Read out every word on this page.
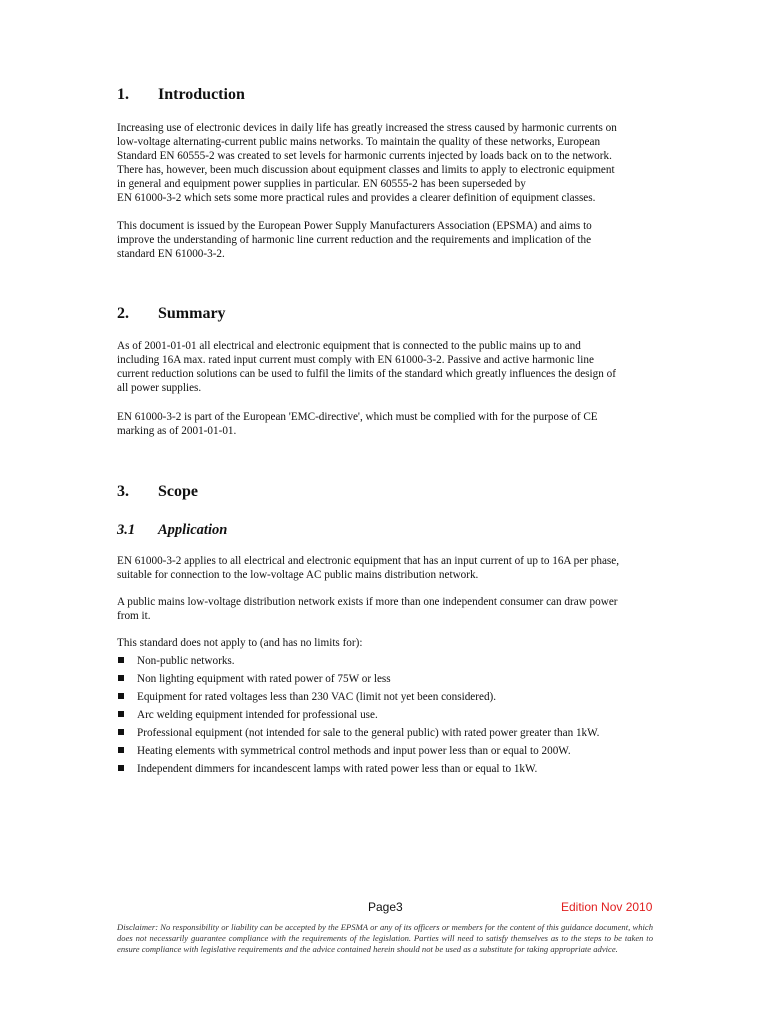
1. Introduction
Increasing use of electronic devices in daily life has greatly increased the stress caused by harmonic currents on
low-voltage alternating-current public mains networks. To maintain the quality of these networks, European
Standard EN 60555-2 was created to set levels for harmonic currents injected by loads back on to the network.
There has, however, been much discussion about equipment classes and limits to apply to electronic equipment
in general and equipment power supplies in particular. EN 60555-2 has been superseded by
EN 61000-3-2 which sets some more practical rules and provides a clearer definition of equipment classes.
This document is issued by the European Power Supply Manufacturers Association (EPSMA) and aims to
improve the understanding of harmonic line current reduction and the requirements and implication of the
standard EN 61000-3-2.
2. Summary
As of 2001-01-01 all electrical and electronic equipment that is connected to the public mains up to and
including 16A max. rated input current must comply with EN 61000-3-2. Passive and active harmonic line
current reduction solutions can be used to fulfil the limits of the standard which greatly influences the design of
all power supplies.
EN 61000-3-2 is part of the European 'EMC-directive', which must be complied with for the purpose of CE
marking as of 2001-01-01.
3. Scope
3.1 Application
EN 61000-3-2 applies to all electrical and electronic equipment that has an input current of up to 16A per phase,
suitable for connection to the low-voltage AC public mains distribution network.
A public mains low-voltage distribution network exists if more than one independent consumer can draw power
from it.
This standard does not apply to (and has no limits for):
Non-public networks.
Non lighting equipment with rated power of 75W or less
Equipment for rated voltages less than 230 VAC (limit not yet been considered).
Arc welding equipment intended for professional use.
Professional equipment (not intended for sale to the general public) with rated power greater than 1kW.
Heating elements with symmetrical control methods and input power less than or equal to 200W.
Independent dimmers for incandescent lamps with rated power less than or equal to 1kW.
Page3	Edition Nov 2010
Disclaimer: No responsibility or liability can be accepted by the EPSMA or any of its officers or members for the content of this guidance document, which does not necessarily guarantee compliance with the requirements of the legislation. Parties will need to satisfy themselves as to the steps to be taken to ensure compliance with legislative requirements and the advice contained herein should not be used as a substitute for taking appropriate advice.
